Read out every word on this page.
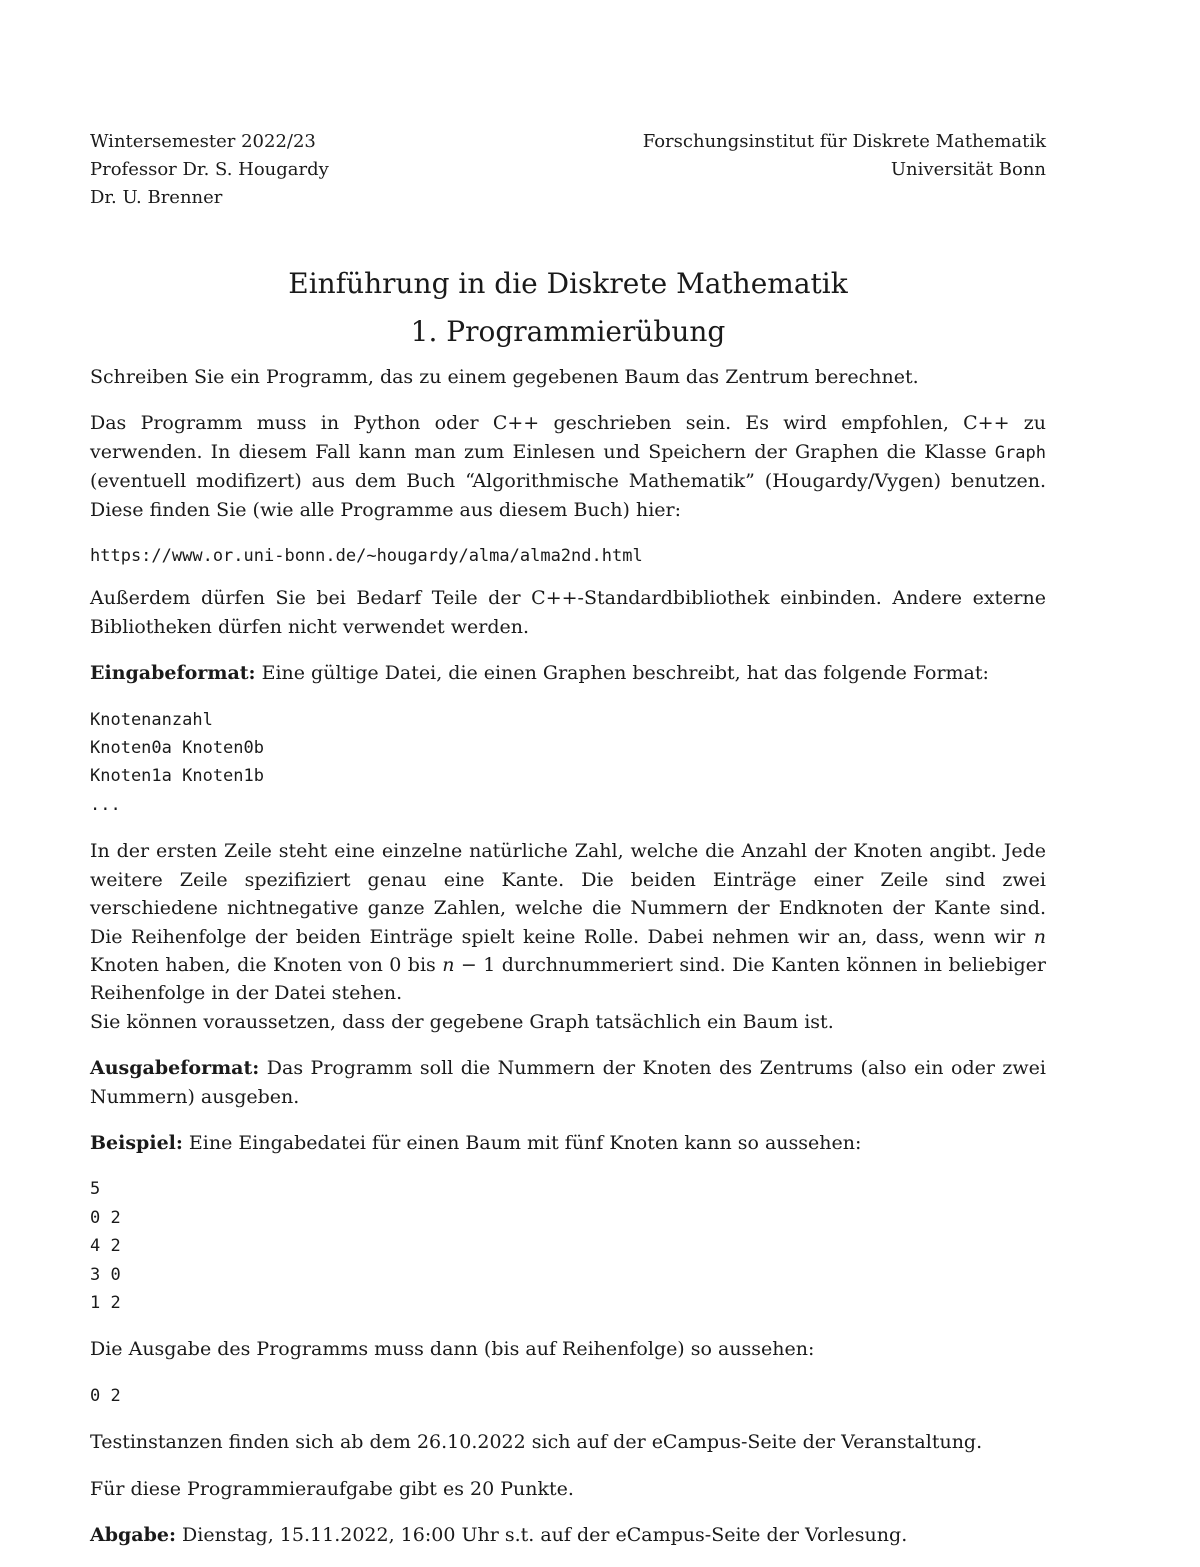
Wintersemester 2022/23
Professor Dr. S. Hougardy
Dr. U. Brenner
Forschungsinstitut für Diskrete Mathematik
Universität Bonn
Einführung in die Diskrete Mathematik
1. Programmierübung

Schreiben Sie ein Programm, das zu einem gegebenen Baum das Zentrum berechnet.

Das Programm muss in Python oder C++ geschrieben sein. Es wird empfohlen, C++ zu verwenden. In diesem Fall kann man zum Einlesen und Speichern der Graphen die Klasse Graph (eventuell modifizert) aus dem Buch “Algorithmische Mathematik” (Hougardy/Vygen) benutzen. Diese finden Sie (wie alle Programme aus diesem Buch) hier:

https://www.or.uni-bonn.de/~hougardy/alma/alma2nd.html

Außerdem dürfen Sie bei Bedarf Teile der C++-Standardbibliothek einbinden. Andere externe Bibliotheken dürfen nicht verwendet werden.

Eingabeformat: Eine gültige Datei, die einen Graphen beschreibt, hat das folgende Format:

Knotenanzahl
Knoten0a Knoten0b
Knoten1a Knoten1b
...

In der ersten Zeile steht eine einzelne natürliche Zahl, welche die Anzahl der Knoten angibt. Jede weitere Zeile spezifiziert genau eine Kante. Die beiden Einträge einer Zeile sind zwei verschiedene nichtnegative ganze Zahlen, welche die Nummern der Endknoten der Kante sind. Die Reihenfolge der beiden Einträge spielt keine Rolle. Dabei nehmen wir an, dass, wenn wir n Knoten haben, die Knoten von 0 bis n − 1 durchnummeriert sind. Die Kanten können in beliebiger Reihenfolge in der Datei stehen.

Sie können voraussetzen, dass der gegebene Graph tatsächlich ein Baum ist.

Ausgabeformat: Das Programm soll die Nummern der Knoten des Zentrums (also ein oder zwei Nummern) ausgeben.

Beispiel: Eine Eingabedatei für einen Baum mit fünf Knoten kann so aussehen:

5
0 2
4 2
3 0
1 2

Die Ausgabe des Programms muss dann (bis auf Reihenfolge) so aussehen:

0 2

Testinstanzen finden sich ab dem 26.10.2022 sich auf der eCampus-Seite der Veranstaltung.

Für diese Programmieraufgabe gibt es 20 Punkte.

Abgabe: Dienstag, 15.11.2022, 16:00 Uhr s.t. auf der eCampus-Seite der Vorlesung.
